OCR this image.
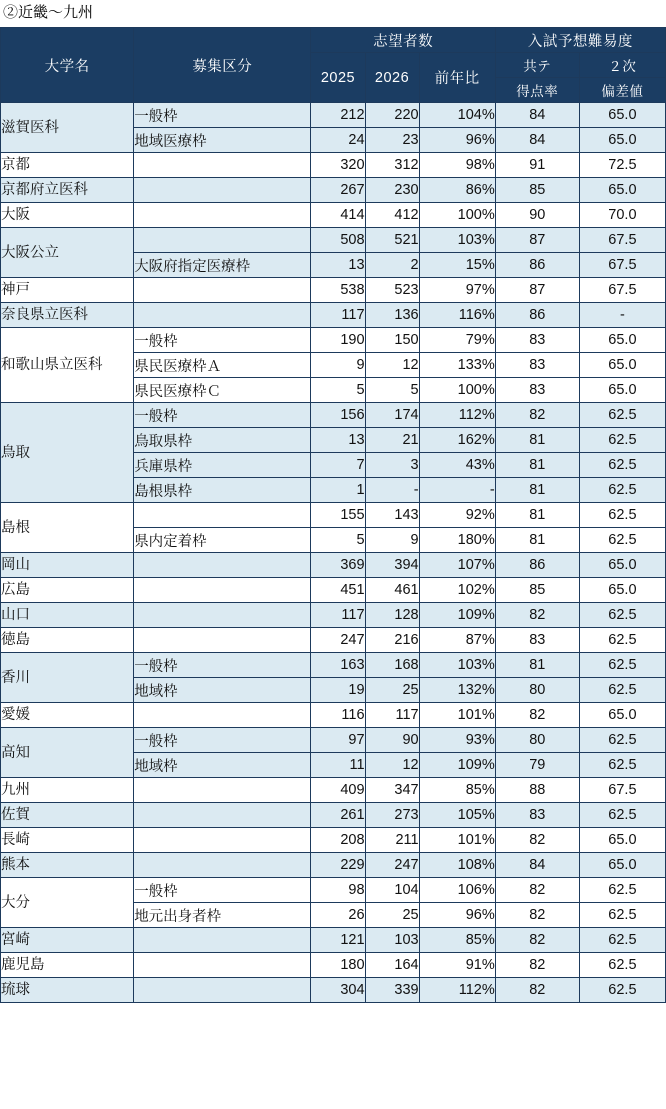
②近畿～九州
大学名	募集区分	志望者数			入試予想難易度	
		2025	2026	前年比	共テ	２次
					得点率	偏差値
滋賀医科	一般枠	212	220	104%	84	65.0
	地域医療枠	24	23	96%	84	65.0
京都		320	312	98%	91	72.5
京都府立医科		267	230	86%	85	65.0
大阪		414	412	100%	90	70.0
大阪公立		508	521	103%	87	67.5
	大阪府指定医療枠	13	2	15%	86	67.5
神戸		538	523	97%	87	67.5
奈良県立医科		117	136	116%	86	-
和歌山県立医科	一般枠	190	150	79%	83	65.0
	県民医療枠Ａ	9	12	133%	83	65.0
	県民医療枠Ｃ	5	5	100%	83	65.0
鳥取	一般枠	156	174	112%	82	62.5
	鳥取県枠	13	21	162%	81	62.5
	兵庫県枠	7	3	43%	81	62.5
	島根県枠	1	-	-	81	62.5
島根		155	143	92%	81	62.5
	県内定着枠	5	9	180%	81	62.5
岡山		369	394	107%	86	65.0
広島		451	461	102%	85	65.0
山口		117	128	109%	82	62.5
徳島		247	216	87%	83	62.5
香川	一般枠	163	168	103%	81	62.5
	地域枠	19	25	132%	80	62.5
愛媛		116	117	101%	82	65.0
高知	一般枠	97	90	93%	80	62.5
	地域枠	11	12	109%	79	62.5
九州		409	347	85%	88	67.5
佐賀		261	273	105%	83	62.5
長崎		208	211	101%	82	65.0
熊本		229	247	108%	84	65.0
大分	一般枠	98	104	106%	82	62.5
	地元出身者枠	26	25	96%	82	62.5
宮崎		121	103	85%	82	62.5
鹿児島		180	164	91%	82	62.5
琉球		304	339	112%	82	62.5
